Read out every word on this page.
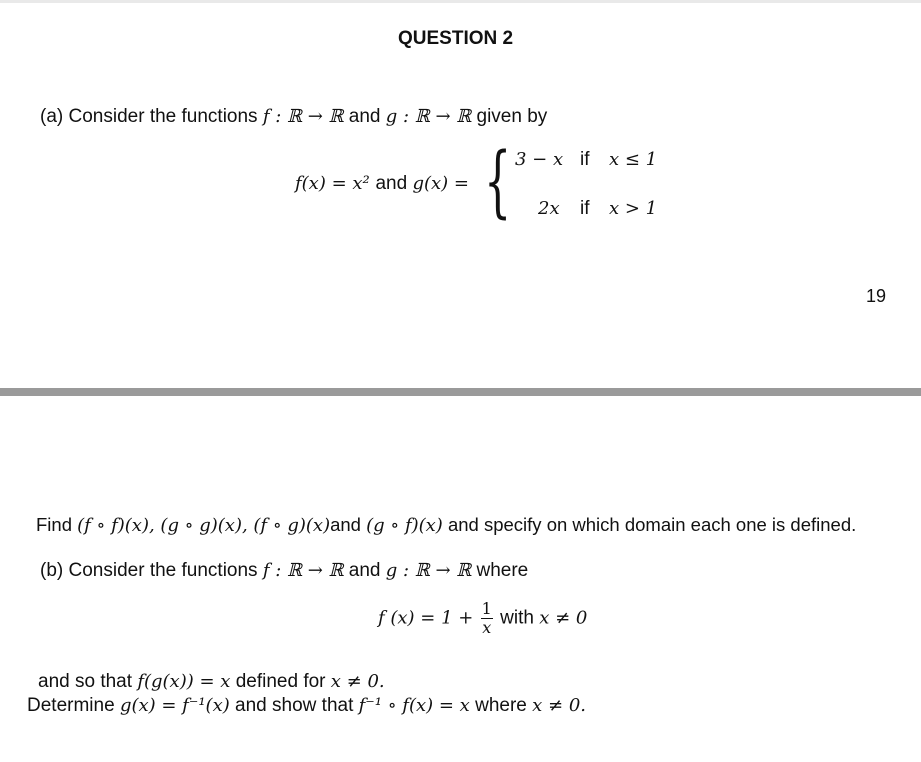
QUESTION 2
(a) Consider the functions f : ℝ → ℝ and g : ℝ → ℝ given by
f(x) = x² and g(x) = { 3 − x if x ≤ 1
2x if x > 1
19
Find (f ∘ f)(x), (g ∘ g)(x), (f ∘ g)(x)and (g ∘ f)(x) and specify on which domain each one is defined.
(b) Consider the functions f : ℝ → ℝ and g : ℝ → ℝ where
f $(x) = 1 + \frac{1}{x}$ with x ≠ 0
and so that f(g(x)) = x defined for x ≠ 0.
Determine g(x) = f⁻¹(x) and show that f⁻¹ ∘ f(x) = x where x ≠ 0.
